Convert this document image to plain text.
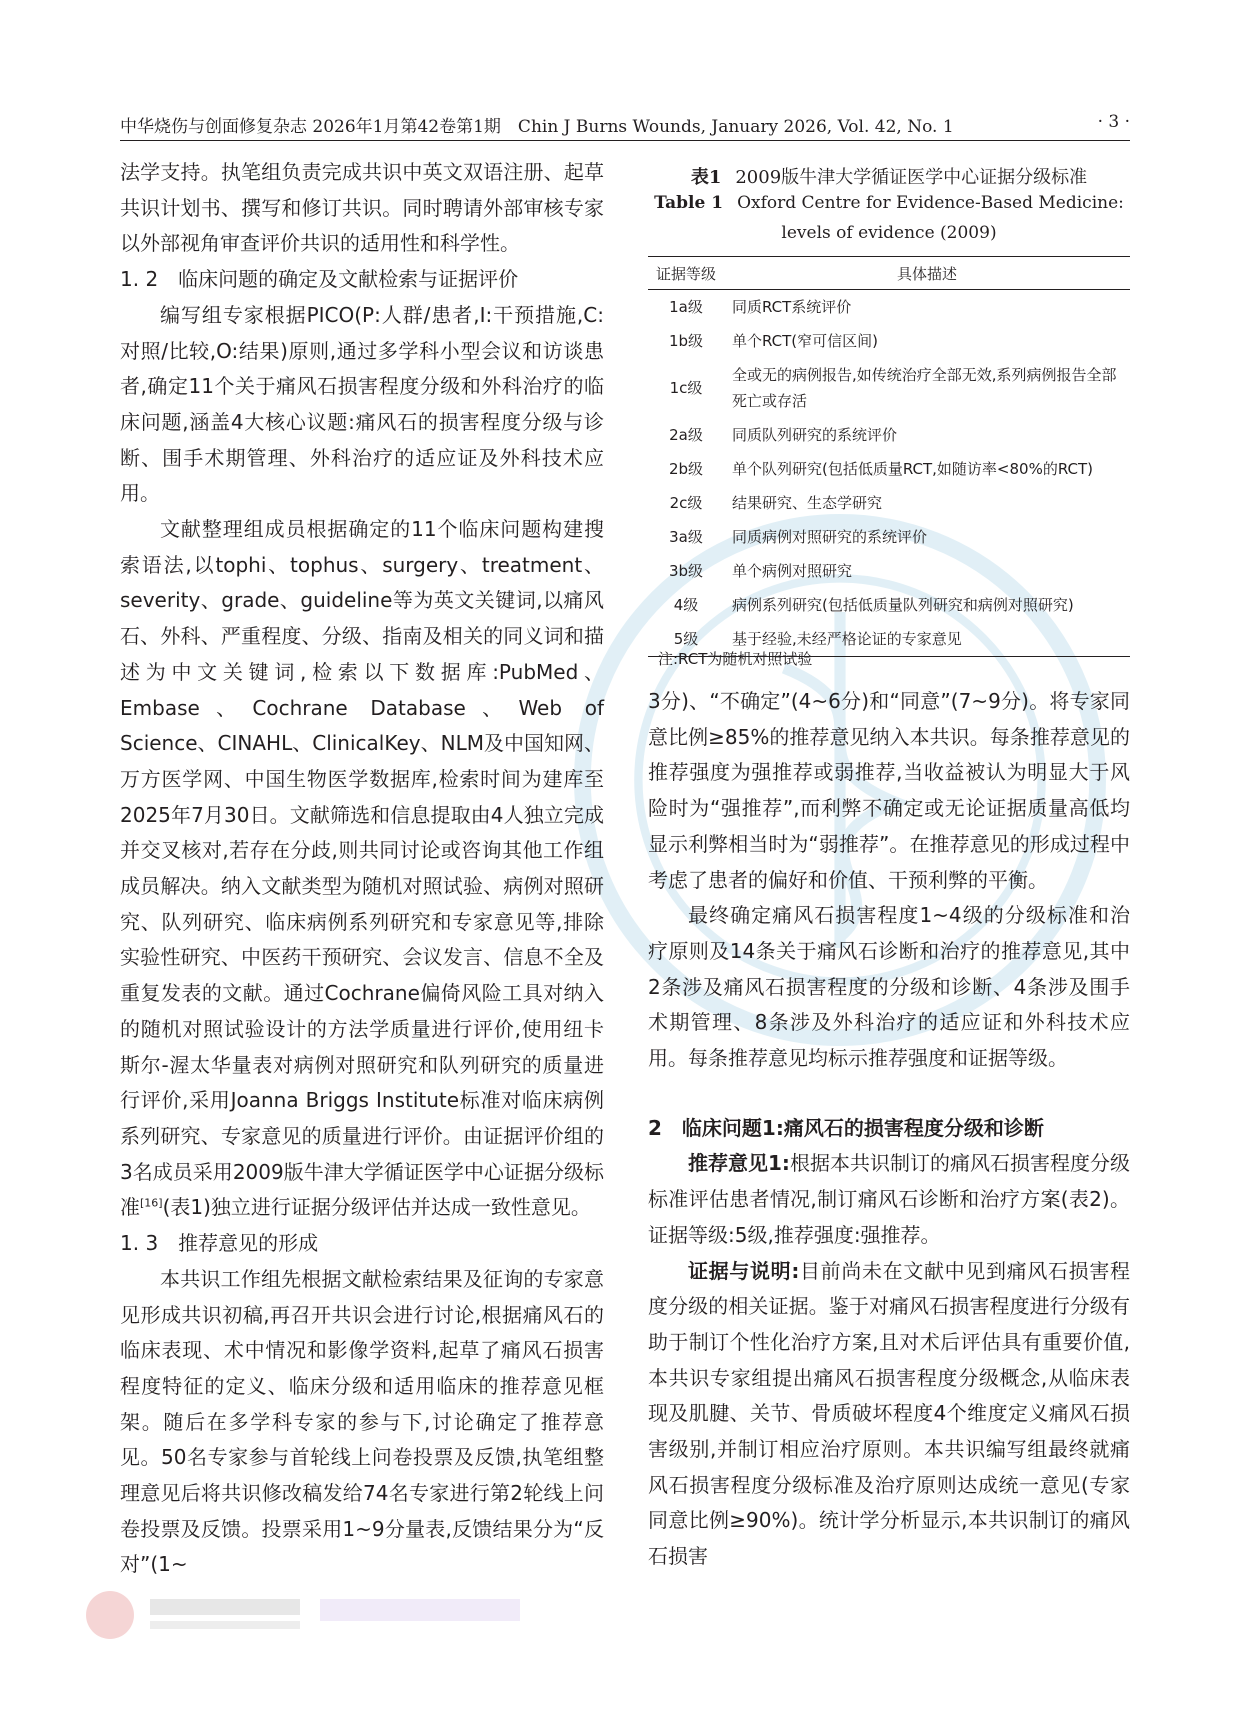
中华烧伤与创面修复杂志 2026年1月第42卷第1期　Chin J Burns Wounds, January 2026, Vol. 42, No. 1	· 3 ·

法学支持。执笔组负责完成共识中英文双语注册、起草共识计划书、撰写和修订共识。同时聘请外部审核专家以外部视角审查评价共识的适用性和科学性。

1. 2　临床问题的确定及文献检索与证据评价

编写组专家根据PICO(P:人群/患者,I:干预措施,C:对照/比较,O:结果)原则,通过多学科小型会议和访谈患者,确定11个关于痛风石损害程度分级和外科治疗的临床问题,涵盖4大核心议题:痛风石的损害程度分级与诊断、围手术期管理、外科治疗的适应证及外科技术应用。

文献整理组成员根据确定的11个临床问题构建搜索语法,以tophi、tophus、surgery、treatment、severity、grade、guideline等为英文关键词,以痛风石、外科、严重程度、分级、指南及相关的同义词和描述为中文关键词,检索以下数据库:PubMed、Embase、Cochrane Database、Web of Science、CINAHL、ClinicalKey、NLM及中国知网、万方医学网、中国生物医学数据库,检索时间为建库至2025年7月30日。文献筛选和信息提取由4人独立完成并交叉核对,若存在分歧,则共同讨论或咨询其他工作组成员解决。纳入文献类型为随机对照试验、病例对照研究、队列研究、临床病例系列研究和专家意见等,排除实验性研究、中医药干预研究、会议发言、信息不全及重复发表的文献。通过Cochrane偏倚风险工具对纳入的随机对照试验设计的方法学质量进行评价,使用纽卡斯尔-渥太华量表对病例对照研究和队列研究的质量进行评价,采用Joanna Briggs Institute标准对临床病例系列研究、专家意见的质量进行评价。由证据评价组的3名成员采用2009版牛津大学循证医学中心证据分级标准[16](表1)独立进行证据分级评估并达成一致性意见。

1. 3　推荐意见的形成

本共识工作组先根据文献检索结果及征询的专家意见形成共识初稿,再召开共识会进行讨论,根据痛风石的临床表现、术中情况和影像学资料,起草了痛风石损害程度特征的定义、临床分级和适用临床的推荐意见框架。随后在多学科专家的参与下,讨论确定了推荐意见。50名专家参与首轮线上问卷投票及反馈,执笔组整理意见后将共识修改稿发给74名专家进行第2轮线上问卷投票及反馈。投票采用1~9分量表,反馈结果分为“反对”(1~

表1 2009版牛津大学循证医学中心证据分级标准
Table 1 Oxford Centre for Evidence-Based Medicine:
levels of evidence (2009)
证据等级	具体描述
1a级	同质RCT系统评价
1b级	单个RCT(窄可信区间)
1c级	全或无的病例报告,如传统治疗全部无效,系列病例报告全部死亡或存活
2a级	同质队列研究的系统评价
2b级	单个队列研究(包括低质量RCT,如随访率<80%的RCT)
2c级	结果研究、生态学研究
3a级	同质病例对照研究的系统评价
3b级	单个病例对照研究
4级	病例系列研究(包括低质量队列研究和病例对照研究)
5级	基于经验,未经严格论证的专家意见
注:RCT为随机对照试验

3分)、“不确定”(4~6分)和“同意”(7~9分)。将专家同意比例≥85%的推荐意见纳入本共识。每条推荐意见的推荐强度为强推荐或弱推荐,当收益被认为明显大于风险时为“强推荐”,而利弊不确定或无论证据质量高低均显示利弊相当时为“弱推荐”。在推荐意见的形成过程中考虑了患者的偏好和价值、干预利弊的平衡。

最终确定痛风石损害程度1~4级的分级标准和治疗原则及14条关于痛风石诊断和治疗的推荐意见,其中2条涉及痛风石损害程度的分级和诊断、4条涉及围手术期管理、8条涉及外科治疗的适应证和外科技术应用。每条推荐意见均标示推荐强度和证据等级。

2　临床问题1:痛风石的损害程度分级和诊断

推荐意见1:根据本共识制订的痛风石损害程度分级标准评估患者情况,制订痛风石诊断和治疗方案(表2)。证据等级:5级,推荐强度:强推荐。

证据与说明:目前尚未在文献中见到痛风石损害程度分级的相关证据。鉴于对痛风石损害程度进行分级有助于制订个性化治疗方案,且对术后评估具有重要价值,本共识专家组提出痛风石损害程度分级概念,从临床表现及肌腱、关节、骨质破坏程度4个维度定义痛风石损害级别,并制订相应治疗原则。本共识编写组最终就痛风石损害程度分级标准及治疗原则达成统一意见(专家同意比例≥90%)。统计学分析显示,本共识制订的痛风石损害
